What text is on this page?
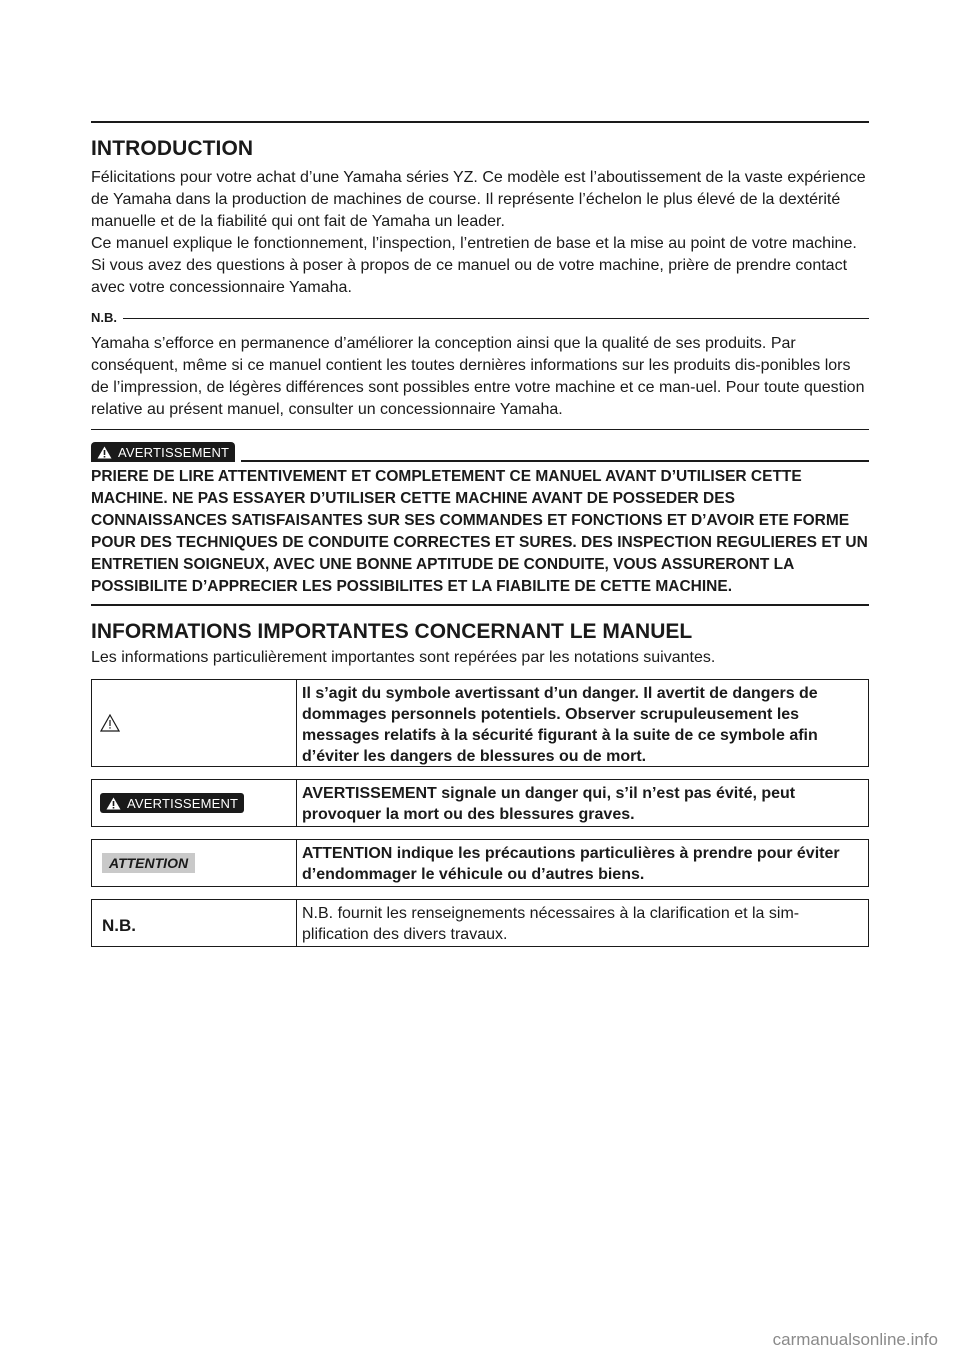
INTRODUCTION

Félicitations pour votre achat d’une Yamaha séries YZ. Ce modèle est l’aboutissement de la vaste expérience de Yamaha dans la production de machines de course. Il représente l’échelon le plus élevé de la dextérité manuelle et de la fiabilité qui ont fait de Yamaha un leader.

Ce manuel explique le fonctionnement, l’inspection, l’entretien de base et la mise au point de votre machine. Si vous avez des questions à poser à propos de ce manuel ou de votre machine, prière de prendre contact avec votre concessionnaire Yamaha.

N.B.

Yamaha s’efforce en permanence d’améliorer la conception ainsi que la qualité de ses produits. Par conséquent, même si ce manuel contient les toutes dernières informations sur les produits dis-ponibles lors de l’impression, de légères différences sont possibles entre votre machine et ce man-uel. Pour toute question relative au présent manuel, consulter un concessionnaire Yamaha.

AVERTISSEMENT
PRIERE DE LIRE ATTENTIVEMENT ET COMPLETEMENT CE MANUEL AVANT D’UTILISER CETTE MACHINE. NE PAS ESSAYER D’UTILISER CETTE MACHINE AVANT DE POSSEDER DES CONNAISSANCES SATISFAISANTES SUR SES COMMANDES ET FONCTIONS ET D’AVOIR ETE FORME POUR DES TECHNIQUES DE CONDUITE CORRECTES ET SURES. DES INSPECTION REGULIERES ET UN ENTRETIEN SOIGNEUX, AVEC UNE BONNE APTITUDE DE CONDUITE, VOUS ASSURERONT LA POSSIBILITE D’APPRECIER LES POSSIBILITES ET LA FIABILITE DE CETTE MACHINE.
INFORMATIONS IMPORTANTES CONCERNANT LE MANUEL

Les informations particulièrement importantes sont repérées par les notations suivantes.

Il s’agit du symbole avertissant d’un danger. Il avertit de dangers de dommages personnels potentiels. Observer scrupuleusement les messages relatifs à la sécurité figurant à la suite de ce symbole afin d’éviter les dangers de blessures ou de mort.
AVERTISSEMENT
AVERTISSEMENT signale un danger qui, s’il n’est pas évité, peut provoquer la mort ou des blessures graves.
ATTENTION
ATTENTION indique les précautions particulières à prendre pour éviter d’endommager le véhicule ou d’autres biens.
N.B.
N.B. fournit les renseignements nécessaires à la clarification et la sim-plification des divers travaux.
carmanualsonline.info
